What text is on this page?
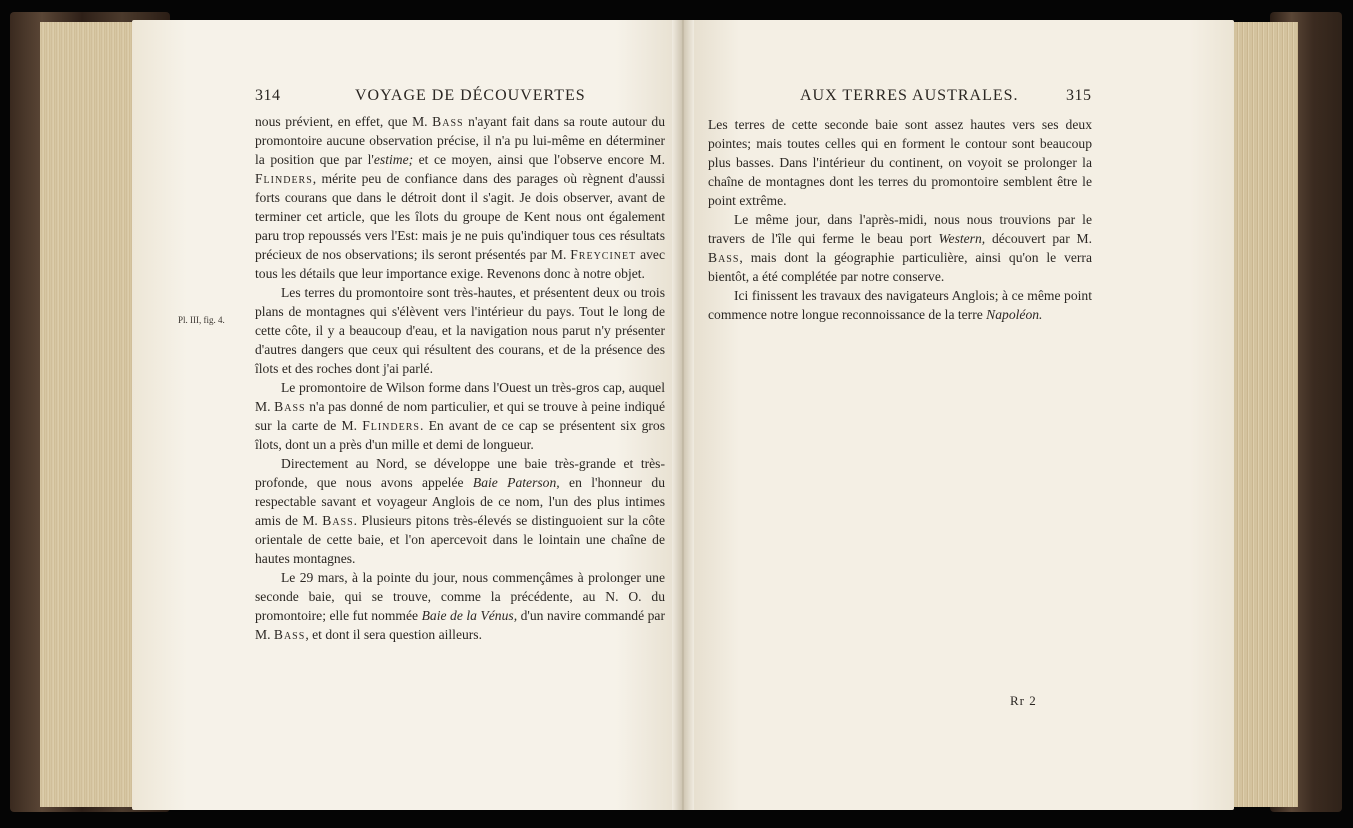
314	VOYAGE DE DÉCOUVERTES	AUX TERRES AUSTRALES.	315
Pl. III, fig. 4.

nous prévient, en effet, que M. Bass n'ayant fait dans sa route autour du promontoire aucune observation précise, il n'a pu lui-même en déterminer la position que par l'estime; et ce moyen, ainsi que l'observe encore M. Flinders, mérite peu de confiance dans des parages où règnent d'aussi forts courans que dans le détroit dont il s'agit. Je dois observer, avant de terminer cet article, que les îlots du groupe de Kent nous ont également paru trop repoussés vers l'Est: mais je ne puis qu'indiquer tous ces résultats précieux de nos observations; ils seront présentés par M. Freycinet avec tous les détails que leur importance exige. Revenons donc à notre objet.

Les terres du promontoire sont très-hautes, et présentent deux ou trois plans de montagnes qui s'élèvent vers l'intérieur du pays. Tout le long de cette côte, il y a beaucoup d'eau, et la navigation nous parut n'y présenter d'autres dangers que ceux qui résultent des courans, et de la présence des îlots et des roches dont j'ai parlé.

Le promontoire de Wilson forme dans l'Ouest un très-gros cap, auquel M. Bass n'a pas donné de nom particulier, et qui se trouve à peine indiqué sur la carte de M. Flinders. En avant de ce cap se présentent six gros îlots, dont un a près d'un mille et demi de longueur.

Directement au Nord, se développe une baie très-grande et très-profonde, que nous avons appelée Baie Paterson, en l'honneur du respectable savant et voyageur Anglois de ce nom, l'un des plus intimes amis de M. Bass. Plusieurs pitons très-élevés se distinguoient sur la côte orientale de cette baie, et l'on apercevoit dans le lointain une chaîne de hautes montagnes.

Le 29 mars, à la pointe du jour, nous commençâmes à prolonger une seconde baie, qui se trouve, comme la précédente, au N. O. du promontoire; elle fut nommée Baie de la Vénus, d'un navire commandé par M. Bass, et dont il sera question ailleurs.

Les terres de cette seconde baie sont assez hautes vers ses deux pointes; mais toutes celles qui en forment le contour sont beaucoup plus basses. Dans l'intérieur du continent, on voyoit se prolonger la chaîne de montagnes dont les terres du promontoire semblent être le point extrême.

Le même jour, dans l'après-midi, nous nous trouvions par le travers de l'île qui ferme le beau port Western, découvert par M. Bass, mais dont la géographie particulière, ainsi qu'on le verra bientôt, a été complétée par notre conserve.

Ici finissent les travaux des navigateurs Anglois; à ce même point commence notre longue reconnoissance de la terre Napoléon.

Rr 2
